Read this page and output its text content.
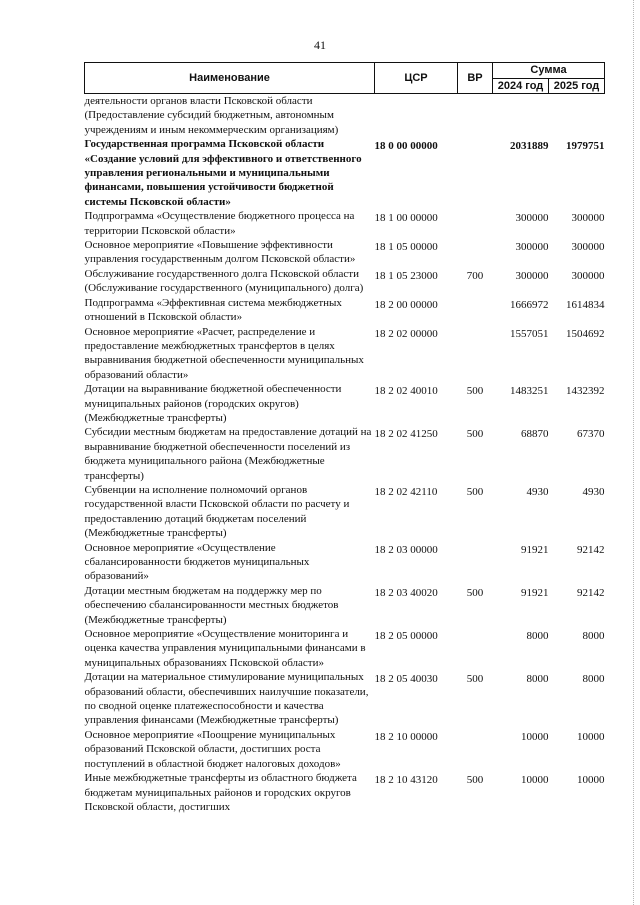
41
Наименование	ЦСР	ВР	Сумма	
			2024 год	2025 год
деятельности органов власти Псковской области (Предоставление субсидий бюджетным, автономным учреждениям и иным некоммерческим организациям)				
Государственная программа Псковской области «Создание условий для эффективного и ответственного управления региональными и муниципальными финансами, повышения устойчивости бюджетной системы Псковской области»	18 0 00 00000		2031889	1979751
Подпрограмма «Осуществление бюджетного процесса на территории Псковской области»	18 1 00 00000		300000	300000
Основное мероприятие «Повышение эффективности управления государственным долгом Псковской области»	18 1 05 00000		300000	300000
Обслуживание государственного долга Псковской области (Обслуживание государственного (муниципального) долга)	18 1 05 23000	700	300000	300000
Подпрограмма «Эффективная система межбюджетных отношений в Псковской области»	18 2 00 00000		1666972	1614834
Основное мероприятие «Расчет, распределение и предоставление межбюджетных трансфертов в целях выравнивания бюджетной обеспеченности муниципальных образований области»	18 2 02 00000		1557051	1504692
Дотации на выравнивание бюджетной обеспеченности муниципальных районов (городских округов) (Межбюджетные трансферты)	18 2 02 40010	500	1483251	1432392
Субсидии местным бюджетам на предоставление дотаций на выравнивание бюджетной обеспеченности поселений из бюджета муниципального района (Межбюджетные трансферты)	18 2 02 41250	500	68870	67370
Субвенции на исполнение полномочий органов государственной власти Псковской области по расчету и предоставлению дотаций бюджетам поселений (Межбюджетные трансферты)	18 2 02 42110	500	4930	4930
Основное мероприятие «Осуществление сбалансированности бюджетов муниципальных образований»	18 2 03 00000		91921	92142
Дотации местным бюджетам на поддержку мер по обеспечению сбалансированности местных бюджетов (Межбюджетные трансферты)	18 2 03 40020	500	91921	92142
Основное мероприятие «Осуществление мониторинга и оценка качества управления муниципальными финансами в муниципальных образованиях Псковской области»	18 2 05 00000		8000	8000
Дотации на материальное стимулирование муниципальных образований области, обеспечивших наилучшие показатели, по сводной оценке платежеспособности и качества управления финансами (Межбюджетные трансферты)	18 2 05 40030	500	8000	8000
Основное мероприятие «Поощрение муниципальных образований Псковской области, достигших роста поступлений в областной бюджет налоговых доходов»	18 2 10 00000		10000	10000
Иные межбюджетные трансферты из областного бюджета бюджетам муниципальных районов и городских округов Псковской области, достигших	18 2 10 43120	500	10000	10000
